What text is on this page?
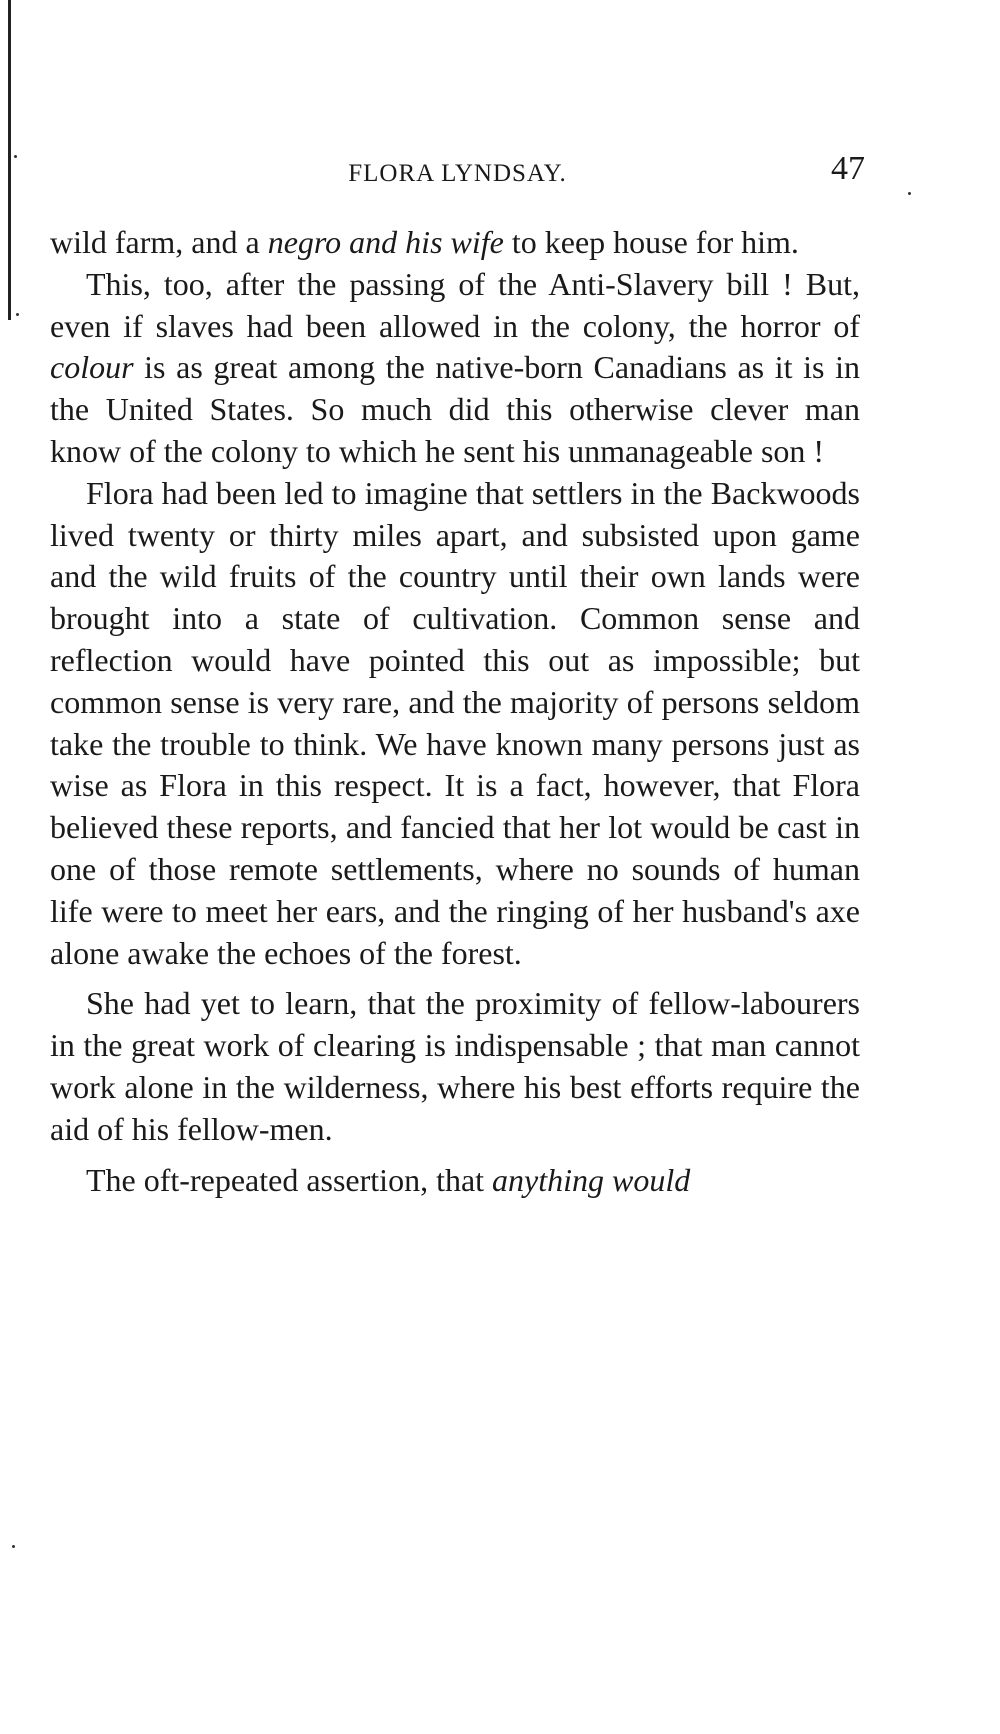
FLORA LYNDSAY.	47

wild farm, and a negro and his wife to keep house for him.

This, too, after the passing of the Anti-Slavery bill ! But, even if slaves had been allowed in the colony, the horror of colour is as great among the native-born Canadians as it is in the United States. So much did this otherwise clever man know of the colony to which he sent his unmanageable son !

Flora had been led to imagine that settlers in the Backwoods lived twenty or thirty miles apart, and subsisted upon game and the wild fruits of the country until their own lands were brought into a state of cultivation. Common sense and reflection would have pointed this out as impossible; but common sense is very rare, and the majority of persons seldom take the trouble to think. We have known many persons just as wise as Flora in this respect. It is a fact, however, that Flora believed these reports, and fancied that her lot would be cast in one of those remote settlements, where no sounds of human life were to meet her ears, and the ringing of her husband's axe alone awake the echoes of the forest.

She had yet to learn, that the proximity of fellow-labourers in the great work of clearing is indispensable ; that man cannot work alone in the wilderness, where his best efforts require the aid of his fellow-men.

The oft-repeated assertion, that anything would
